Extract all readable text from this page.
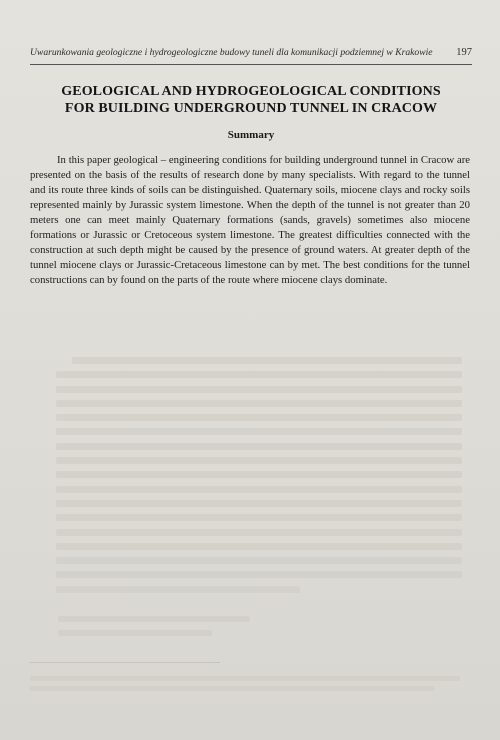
Uwarunkowania geologiczne i hydrogeologiczne budowy tuneli dla komunikacji podziemnej w Krakowie 197
GEOLOGICAL AND HYDROGEOLOGICAL CONDITIONS
FOR BUILDING UNDERGROUND TUNNEL IN CRACOW
Summary

In this paper geological – engineering conditions for building underground tunnel in Cracow are presented on the basis of the results of research done by many specialists. With regard to the tunnel and its route three kinds of soils can be distinguished. Quaternary soils, miocene clays and rocky soils represented mainly by Jurassic system limestone. When the depth of the tunnel is not greater than 20 meters one can meet mainly Quaternary formations (sands, gravels) sometimes also miocene formations or Jurassic or Cretoceous system limestone. The greatest difficulties connected with the construction at such depth might be caused by the presence of ground waters. At greater depth of the tunnel miocene clays or Jurassic-Cretaceous limestone can by met. The best conditions for the tunnel constructions can by found on the parts of the route where miocene clays dominate.
